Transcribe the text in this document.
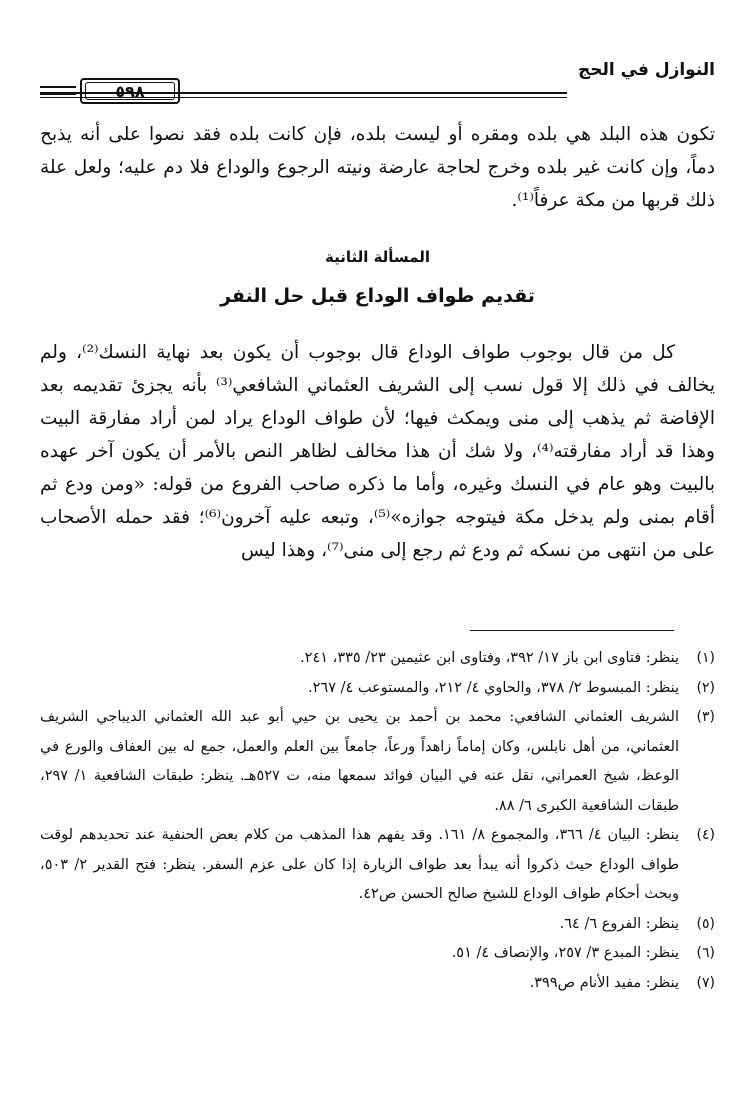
النوازل في الحج
٥٩٨

تكون هذه البلد هي بلده ومقره أو ليست بلده، فإن كانت بلده فقد نصوا على أنه يذبح دماً، وإن كانت غير بلده وخرج لحاجة عارضة ونيته الرجوع والوداع فلا دم عليه؛ ولعل علة ذلك قربها من مكة عرفاً⁽¹⁾.

المسألة الثانية
تقديم طواف الوداع قبل حل النفر

كل من قال بوجوب طواف الوداع قال بوجوب أن يكون بعد نهاية النسك⁽²⁾، ولم يخالف في ذلك إلا قول نسب إلى الشريف العثماني الشافعي⁽³⁾ بأنه يجزئ تقديمه بعد الإفاضة ثم يذهب إلى منى ويمكث فيها؛ لأن طواف الوداع يراد لمن أراد مفارقة البيت وهذا قد أراد مفارقته⁽⁴⁾، ولا شك أن هذا مخالف لظاهر النص بالأمر أن يكون آخر عهده بالبيت وهو عام في النسك وغيره، وأما ما ذكره صاحب الفروع من قوله: «ومن ودع ثم أقام بمنى ولم يدخل مكة فيتوجه جوازه»⁽⁵⁾، وتبعه عليه آخرون⁽⁶⁾؛ فقد حمله الأصحاب على من انتهى من نسكه ثم ودع ثم رجع إلى منى⁽⁷⁾، وهذا ليس

(١)
ينظر: فتاوى ابن باز ١٧/ ٣٩٢، وفتاوى ابن عثيمين ٢٣/ ٣٣٥، ٢٤١.
(٢)
ينظر: المبسوط ٢/ ٣٧٨، والحاوي ٤/ ٢١٢، والمستوعب ٤/ ٢٦٧.
(٣)
الشريف العثماني الشافعي: محمد بن أحمد بن يحيى بن حيي أبو عبد الله العثماني الديباجي الشريف العثماني، من أهل نابلس، وكان إماماً زاهداً ورعاً، جامعاً بين العلم والعمل، جمع له بين العفاف والورع في الوعظ، شيخ العمراني، نقل عنه في البيان فوائد سمعها منه، ت ٥٢٧هـ. ينظر: طبقات الشافعية ١/ ٢٩٧، طبقات الشافعية الكبرى ٦/ ٨٨.
(٤)
ينظر: البيان ٤/ ٣٦٦، والمجموع ٨/ ١٦١. وقد يفهم هذا المذهب من كلام بعض الحنفية عند تحديدهم لوقت طواف الوداع حيث ذكروا أنه يبدأ بعد طواف الزيارة إذا كان على عزم السفر. ينظر: فتح القدير ٢/ ٥٠٣، وبحث أحكام طواف الوداع للشيخ صالح الحسن ص٤٢.
(٥)
ينظر: الفروع ٦/ ٦٤.
(٦)
ينظر: المبدع ٣/ ٢٥٧، والإنصاف ٤/ ٥١.
(٧)
ينظر: مفيد الأنام ص٣٩٩.
